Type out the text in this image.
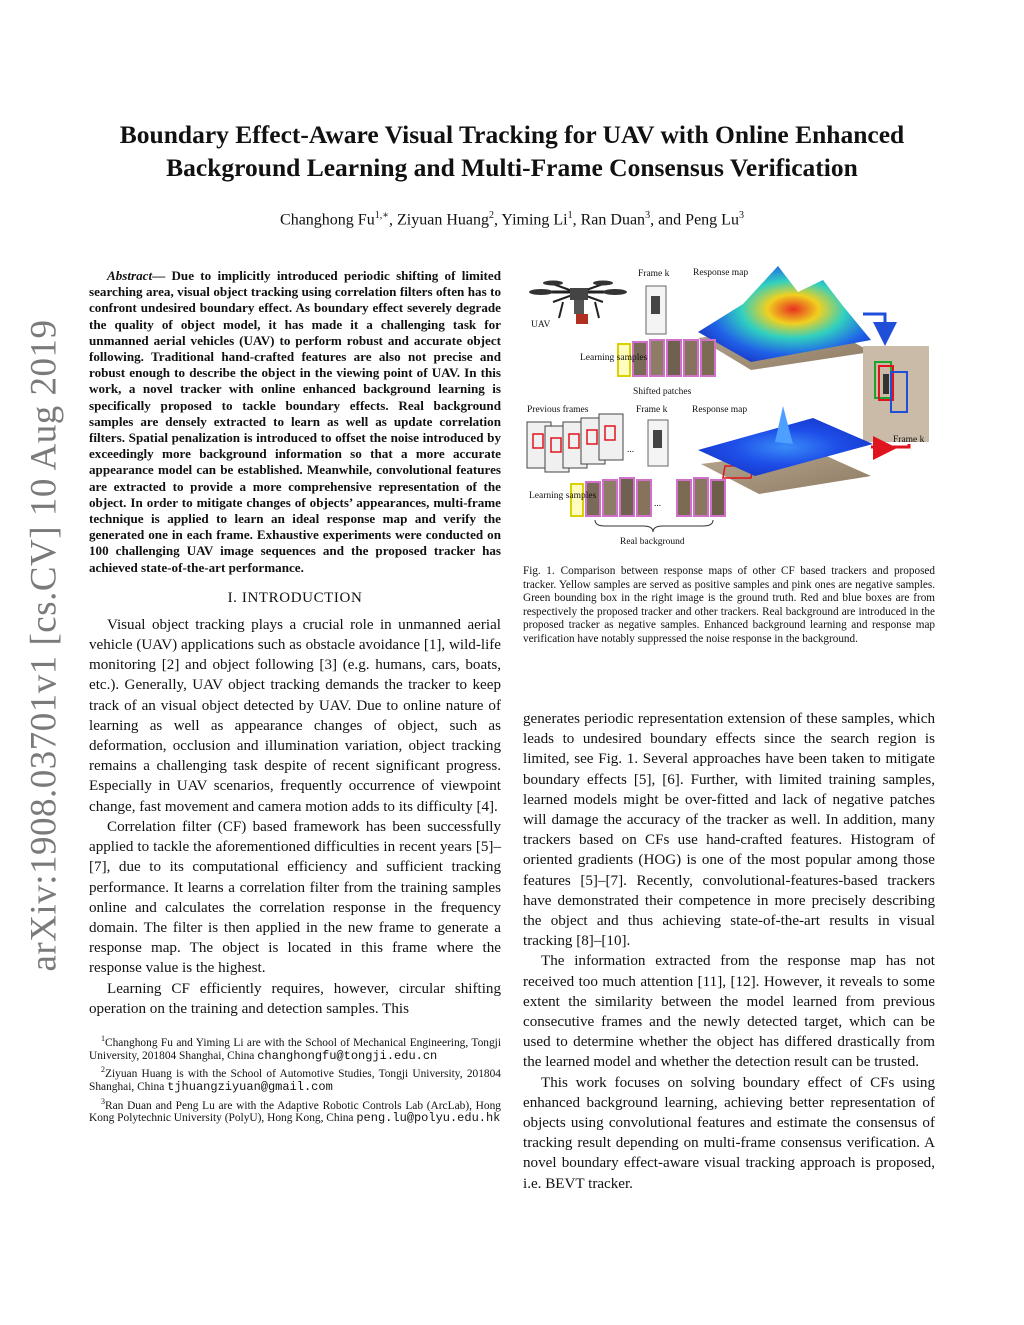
arXiv:1908.03701v1 [cs.CV] 10 Aug 2019
Boundary Effect-Aware Visual Tracking for UAV with Online Enhanced Background Learning and Multi-Frame Consensus Verification
Changhong $Fu^{1,∗}$, Ziyuan Huang$^2$, Yiming Li$^1$, Ran Duan$^3$, and Peng Lu$^3$

Abstract— Due to implicitly introduced periodic shifting of limited searching area, visual object tracking using correlation filters often has to confront undesired boundary effect. As boundary effect severely degrade the quality of object model, it has made it a challenging task for unmanned aerial vehicles (UAV) to perform robust and accurate object following. Traditional hand-crafted features are also not precise and robust enough to describe the object in the viewing point of UAV. In this work, a novel tracker with online enhanced background learning is specifically proposed to tackle boundary effects. Real background samples are densely extracted to learn as well as update correlation filters. Spatial penalization is introduced to offset the noise introduced by exceedingly more background information so that a more accurate appearance model can be established. Meanwhile, convolutional features are extracted to provide a more comprehensive representation of the object. In order to mitigate changes of objects’ appearances, multi-frame technique is applied to learn an ideal response map and verify the generated one in each frame. Exhaustive experiments were conducted on 100 challenging UAV image sequences and the proposed tracker has achieved state-of-the-art performance.

I. INTRODUCTION

Visual object tracking plays a crucial role in unmanned aerial vehicle (UAV) applications such as obstacle avoidance [1], wild-life monitoring [2] and object following [3] (e.g. humans, cars, boats, etc.). Generally, UAV object tracking demands the tracker to keep track of an visual object detected by UAV. Due to online nature of learning as well as appearance changes of object, such as deformation, occlusion and illumination variation, object tracking remains a challenging task despite of recent significant progress. Especially in UAV scenarios, frequently occurrence of viewpoint change, fast movement and camera motion adds to its difficulty [4].

Correlation filter (CF) based framework has been successfully applied to tackle the aforementioned difficulties in recent years [5]–[7], due to its computational efficiency and sufficient tracking performance. It learns a correlation filter from the training samples online and calculates the correlation response in the frequency domain. The filter is then applied in the new frame to generate a response map. The object is located in this frame where the response value is the highest.

Learning CF efficiently requires, however, circular shifting operation on the training and detection samples. This

$^1$Changhong Fu and Yiming Li are with the School of Mechanical Engineering, Tongji University, 201804 Shanghai, China changhongfu@tongji.edu.cn

$^2$Ziyuan Huang is with the School of Automotive Studies, Tongji University, 201804 Shanghai, China tjhuangziyuan@gmail.com

$^3$Ran Duan and Peng Lu are with the Adaptive Robotic Controls Lab (ArcLab), Hong Kong Polytechnic University (PolyU), Hong Kong, China peng.lu@polyu.edu.hk

Frame k Response map
UAV
Learning samples
Shifted patches
Previous frames	Frame k	Response map
...
Frame k
...
Learning samples
Real background

Fig. 1. Comparison between response maps of other CF based trackers and proposed tracker. Yellow samples are served as positive samples and pink ones are negative samples. Green bounding box in the right image is the ground truth. Red and blue boxes are from respectively the proposed tracker and other trackers. Real background are introduced in the proposed tracker as negative samples. Enhanced background learning and response map verification have notably suppressed the noise response in the background.

generates periodic representation extension of these samples, which leads to undesired boundary effects since the search region is limited, see Fig. 1. Several approaches have been taken to mitigate boundary effects [5], [6]. Further, with limited training samples, learned models might be over-fitted and lack of negative patches will damage the accuracy of the tracker as well. In addition, many trackers based on CFs use hand-crafted features. Histogram of oriented gradients (HOG) is one of the most popular among those features [5]–[7]. Recently, convolutional-features-based trackers have demonstrated their competence in more precisely describing the object and thus achieving state-of-the-art results in visual tracking [8]–[10].

The information extracted from the response map has not received too much attention [11], [12]. However, it reveals to some extent the similarity between the model learned from previous consecutive frames and the newly detected target, which can be used to determine whether the object has differed drastically from the learned model and whether the detection result can be trusted.

This work focuses on solving boundary effect of CFs using enhanced background learning, achieving better representation of objects using convolutional features and estimate the consensus of tracking result depending on multi-frame consensus verification. A novel boundary effect-aware visual tracking approach is proposed, i.e. BEVT tracker.
